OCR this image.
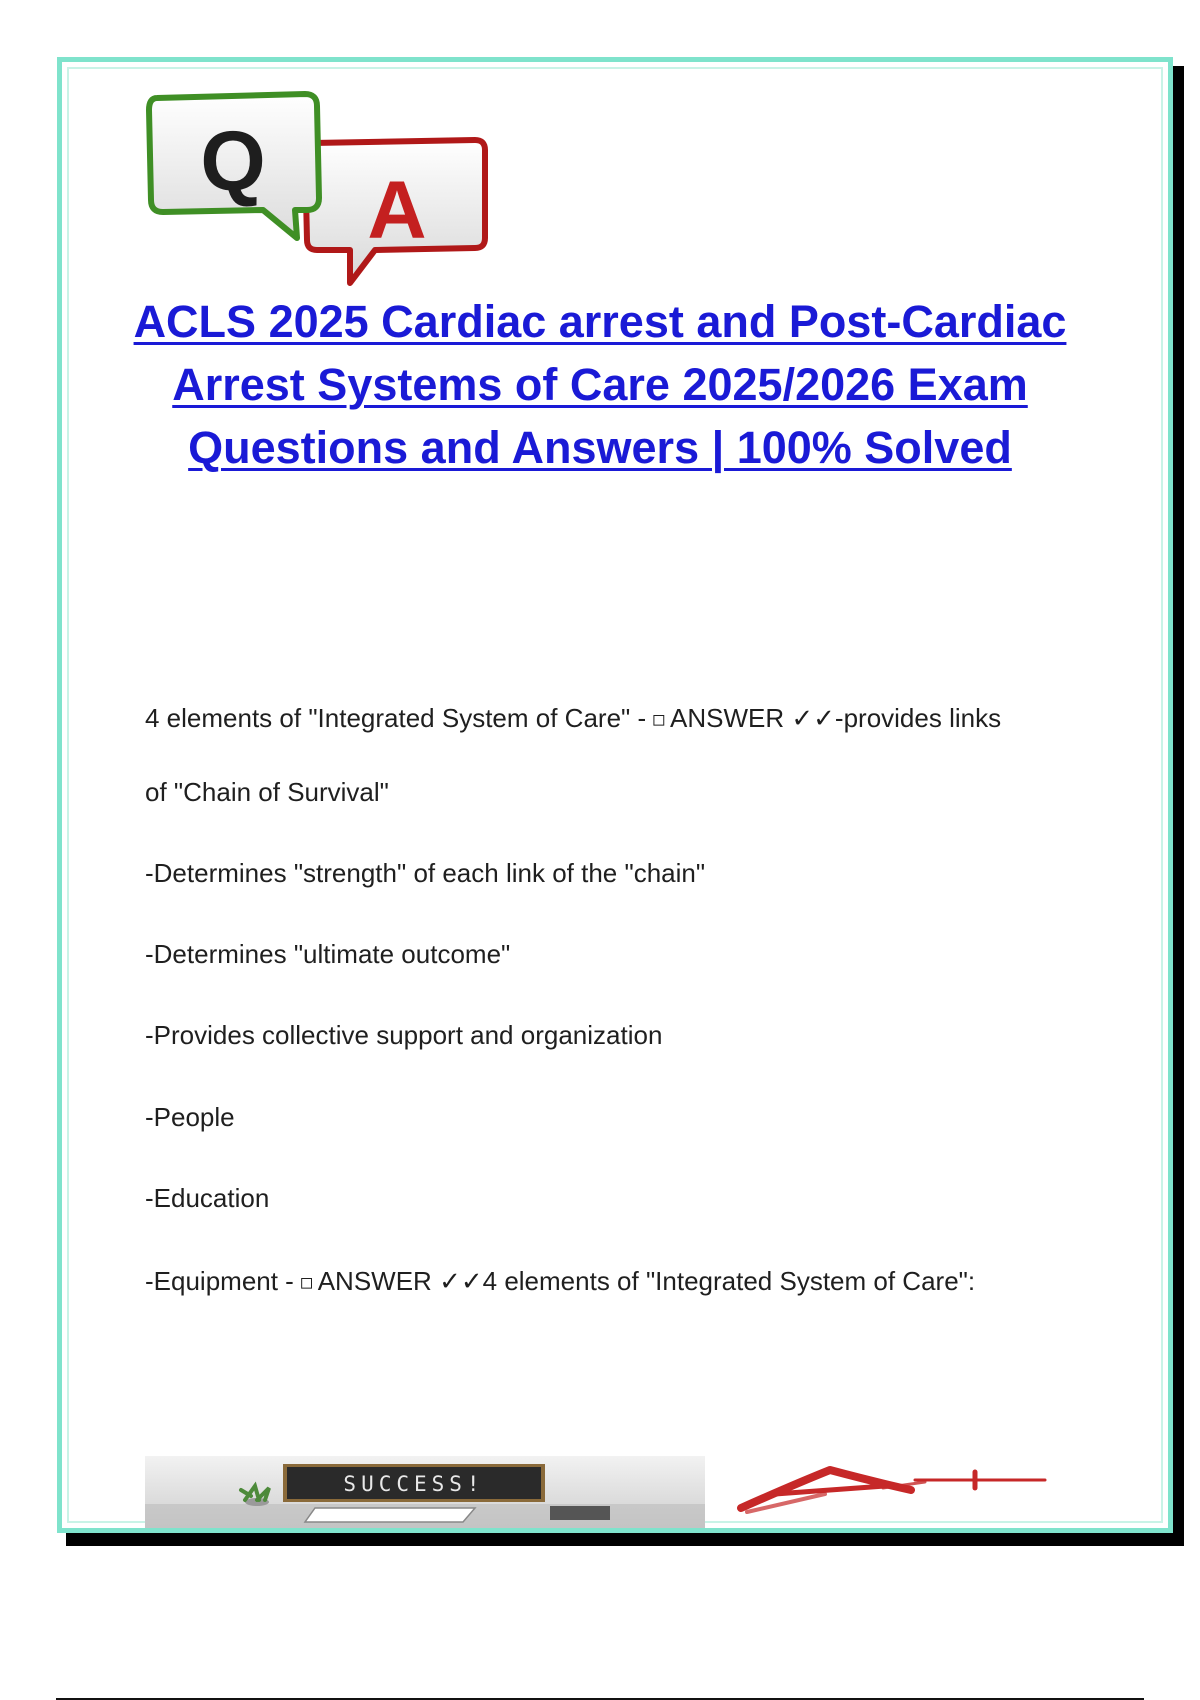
A
Q
ACLS 2025 Cardiac arrest and Post-Cardiac Arrest Systems of Care 2025/2026 Exam Questions and Answers | 100% Solved
4 elements of "Integrated System of Care" - □ ANSWER ✓✓-provides links
of "Chain of Survival"
-Determines "strength" of each link of the "chain"
-Determines "ultimate outcome"
-Provides collective support and organization
-People
-Education
-Equipment - □ ANSWER ✓✓4 elements of "Integrated System of Care":
SUCCESS!
